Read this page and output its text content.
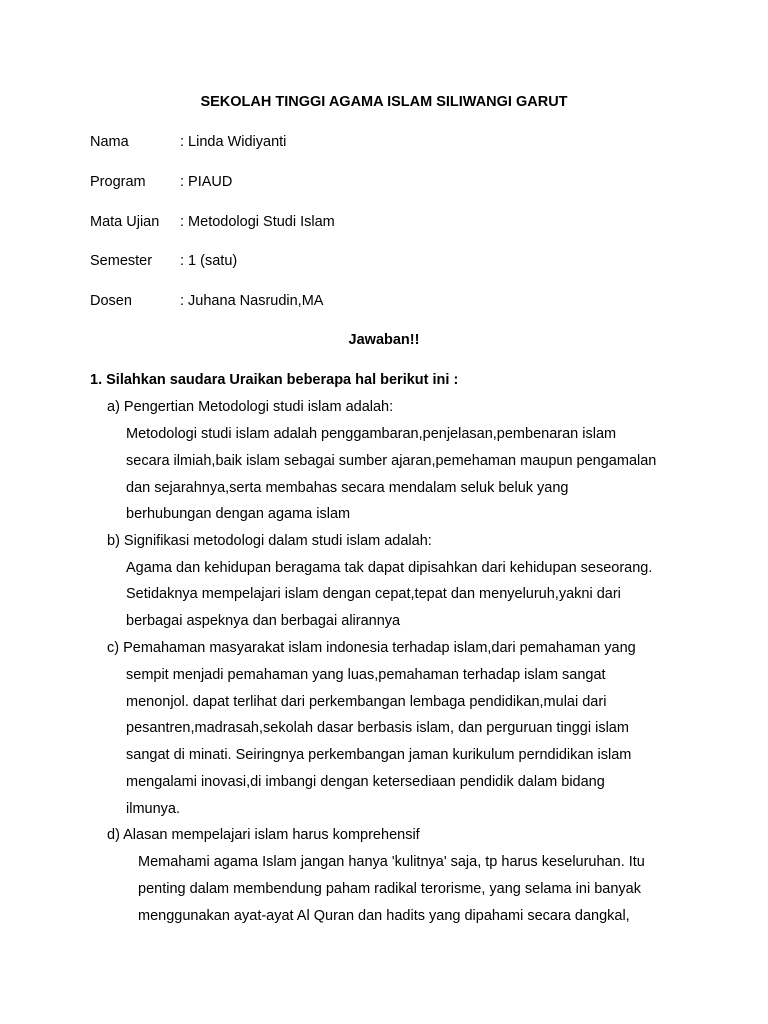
SEKOLAH TINGGI AGAMA ISLAM SILIWANGI GARUT
Nama	: Linda Widiyanti
Program : PIAUD
Mata Ujian : Metodologi Studi Islam
Semester : 1 (satu)
Dosen	: Juhana Nasrudin,MA
Jawaban!!
1. Silahkan saudara Uraikan beberapa hal berikut ini :
a) Pengertian Metodologi studi islam adalah:
Metodologi studi islam adalah penggambaran,penjelasan,pembenaran islam
secara ilmiah,baik islam sebagai sumber ajaran,pemehaman maupun pengamalan
dan sejarahnya,serta membahas secara mendalam seluk beluk yang
berhubungan dengan agama islam
b) Signifikasi metodologi dalam studi islam adalah:
Agama dan kehidupan beragama tak dapat dipisahkan dari kehidupan seseorang.
Setidaknya mempelajari islam dengan cepat,tepat dan menyeluruh,yakni dari
berbagai aspeknya dan berbagai alirannya
c) Pemahaman masyarakat islam indonesia terhadap islam,dari pemahaman yang
sempit menjadi pemahaman yang luas,pemahaman terhadap islam sangat
menonjol. dapat terlihat dari perkembangan lembaga pendidikan,mulai dari
pesantren,madrasah,sekolah dasar berbasis islam, dan perguruan tinggi islam
sangat di minati. Seiringnya perkembangan jaman kurikulum perndidikan islam
mengalami inovasi,di imbangi dengan ketersediaan pendidik dalam bidang
ilmunya.
d) Alasan mempelajari islam harus komprehensif
Memahami agama Islam jangan hanya 'kulitnya' saja, tp harus keseluruhan. Itu
penting dalam membendung paham radikal terorisme, yang selama ini banyak
menggunakan ayat-ayat Al Quran dan hadits yang dipahami secara dangkal,
